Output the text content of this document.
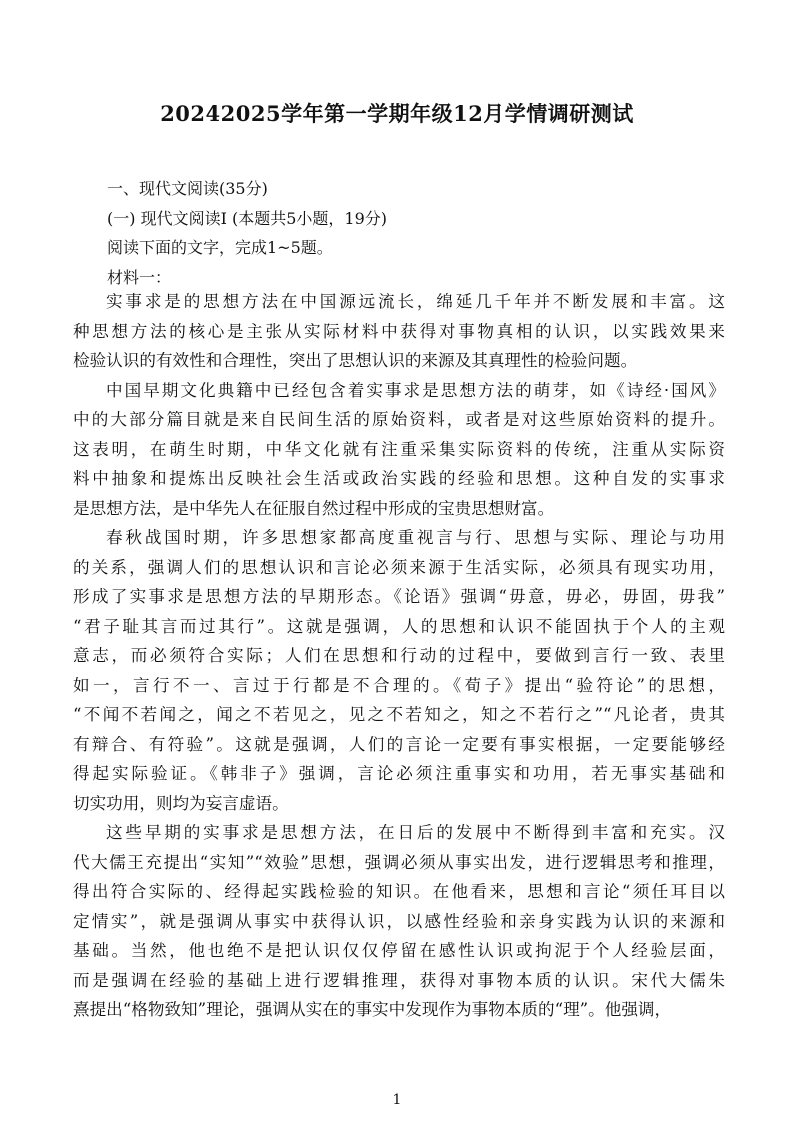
20242025学年第一学期年级12月学情调研测试
一、现代文阅读(35分)
(一) 现代文阅读I (本题共5小题，19分)
阅读下面的文字，完成1~5题。
材料一：
实事求是的思想方法在中国源远流长，绵延几千年并不断发展和丰富。这
种思想方法的核心是主张从实际材料中获得对事物真相的认识，以实践效果来
检验认识的有效性和合理性，突出了思想认识的来源及其真理性的检验问题。
中国早期文化典籍中已经包含着实事求是思想方法的萌芽，如《诗经·国风》
中的大部分篇目就是来自民间生活的原始资料，或者是对这些原始资料的提升。
这表明，在萌生时期，中华文化就有注重采集实际资料的传统，注重从实际资
料中抽象和提炼出反映社会生活或政治实践的经验和思想。这种自发的实事求
是思想方法，是中华先人在征服自然过程中形成的宝贵思想财富。
春秋战国时期，许多思想家都高度重视言与行、思想与实际、理论与功用
的关系，强调人们的思想认识和言论必须来源于生活实际，必须具有现实功用，
形成了实事求是思想方法的早期形态。《论语》强调“毋意，毋必，毋固，毋我”
“君子耻其言而过其行”。这就是强调，人的思想和认识不能固执于个人的主观
意志，而必须符合实际；人们在思想和行动的过程中，要做到言行一致、表里
如一，言行不一、言过于行都是不合理的。《荀子》提出“验符论”的思想，
“不闻不若闻之，闻之不若见之，见之不若知之，知之不若行之”“凡论者，贵其
有辩合、有符验”。这就是强调，人们的言论一定要有事实根据，一定要能够经
得起实际验证。《韩非子》强调，言论必须注重事实和功用，若无事实基础和
切实功用，则均为妄言虚语。
这些早期的实事求是思想方法，在日后的发展中不断得到丰富和充实。汉
代大儒王充提出“实知”“效验”思想，强调必须从事实出发，进行逻辑思考和推理，
得出符合实际的、经得起实践检验的知识。在他看来，思想和言论“须任耳目以
定情实”，就是强调从事实中获得认识，以感性经验和亲身实践为认识的来源和
基础。当然，他也绝不是把认识仅仅停留在感性认识或拘泥于个人经验层面，
而是强调在经验的基础上进行逻辑推理，获得对事物本质的认识。宋代大儒朱
熹提出“格物致知”理论，强调从实在的事实中发现作为事物本质的“理”。他强调，
1
